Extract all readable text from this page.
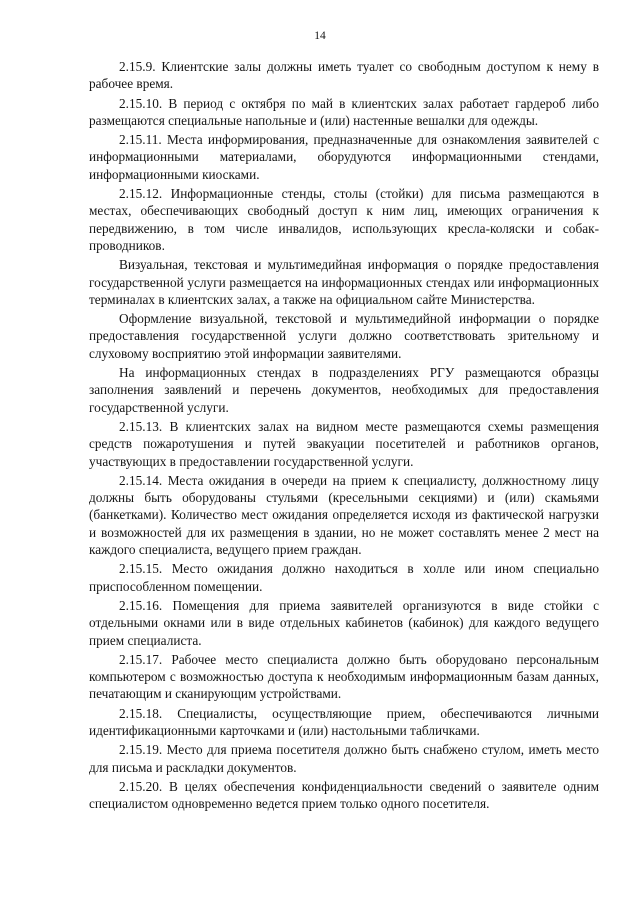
14

2.15.9. Клиентские залы должны иметь туалет со свободным доступом к нему в рабочее время.

2.15.10. В период с октября по май в клиентских залах работает гардероб либо размещаются специальные напольные и (или) настенные вешалки для одежды.

2.15.11. Места информирования, предназначенные для ознакомления заявителей с информационными материалами, оборудуются информационными стендами, информационными киосками.

2.15.12. Информационные стенды, столы (стойки) для письма размещаются в местах, обеспечивающих свободный доступ к ним лиц, имеющих ограничения к передвижению, в том числе инвалидов, использующих кресла-коляски и собак-проводников.

Визуальная, текстовая и мультимедийная информация о порядке предоставления государственной услуги размещается на информационных стендах или информационных терминалах в клиентских залах, а также на официальном сайте Министерства.

Оформление визуальной, текстовой и мультимедийной информации о порядке предоставления государственной услуги должно соответствовать зрительному и слуховому восприятию этой информации заявителями.

На информационных стендах в подразделениях РГУ размещаются образцы заполнения заявлений и перечень документов, необходимых для предоставления государственной услуги.

2.15.13. В клиентских залах на видном месте размещаются схемы размещения средств пожаротушения и путей эвакуации посетителей и работников органов, участвующих в предоставлении государственной услуги.

2.15.14. Места ожидания в очереди на прием к специалисту, должностному лицу должны быть оборудованы стульями (кресельными секциями) и (или) скамьями (банкетками). Количество мест ожидания определяется исходя из фактической нагрузки и возможностей для их размещения в здании, но не может составлять менее 2 мест на каждого специалиста, ведущего прием граждан.

2.15.15. Место ожидания должно находиться в холле или ином специально приспособленном помещении.

2.15.16. Помещения для приема заявителей организуются в виде стойки с отдельными окнами или в виде отдельных кабинетов (кабинок) для каждого ведущего прием специалиста.

2.15.17. Рабочее место специалиста должно быть оборудовано персональным компьютером с возможностью доступа к необходимым информационным базам данных, печатающим и сканирующим устройствами.

2.15.18. Специалисты, осуществляющие прием, обеспечиваются личными идентификационными карточками и (или) настольными табличками.

2.15.19. Место для приема посетителя должно быть снабжено стулом, иметь место для письма и раскладки документов.

2.15.20. В целях обеспечения конфиденциальности сведений о заявителе одним специалистом одновременно ведется прием только одного посетителя.
